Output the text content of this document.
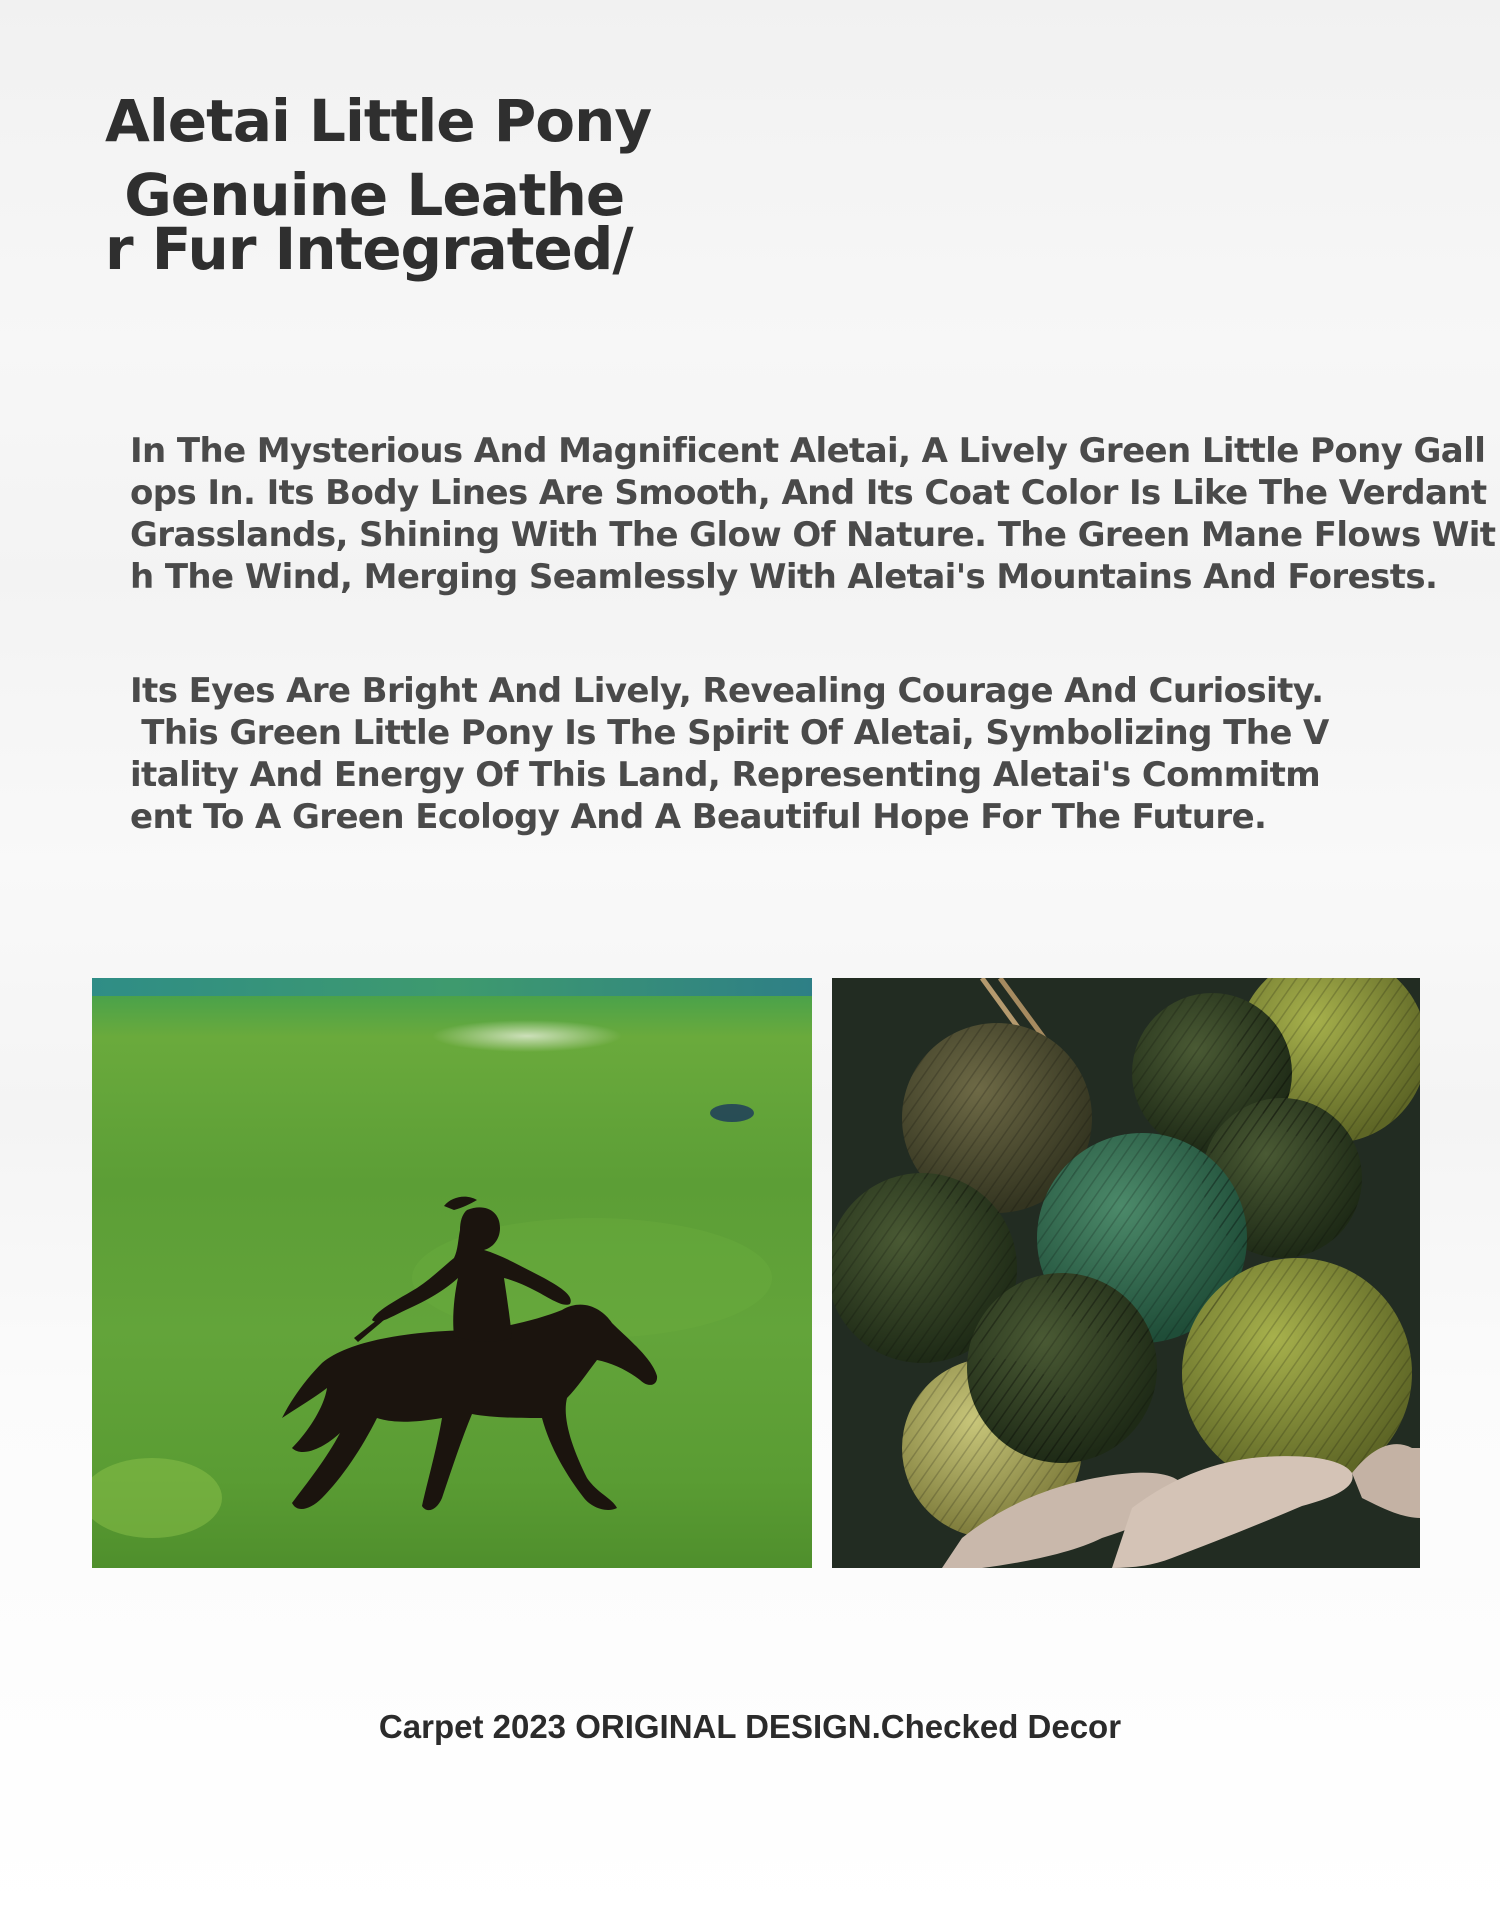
Aletai Little Pony
Genuine Leathe
r Fur Integrated/
In The Mysterious And Magnificent Aletai, A Lively Green Little Pony Gall
ops In. Its Body Lines Are Smooth, And Its Coat Color Is Like The Verdant
Grasslands, Shining With The Glow Of Nature. The Green Mane Flows Wit
h The Wind, Merging Seamlessly With Aletai's Mountains And Forests.
Its Eyes Are Bright And Lively, Revealing Courage And Curiosity.
This Green Little Pony Is The Spirit Of Aletai, Symbolizing The V
itality And Energy Of This Land, Representing Aletai's Commitm
ent To A Green Ecology And A Beautiful Hope For The Future.
Carpet 2023 ORIGINAL DESIGN.Checked Decor
